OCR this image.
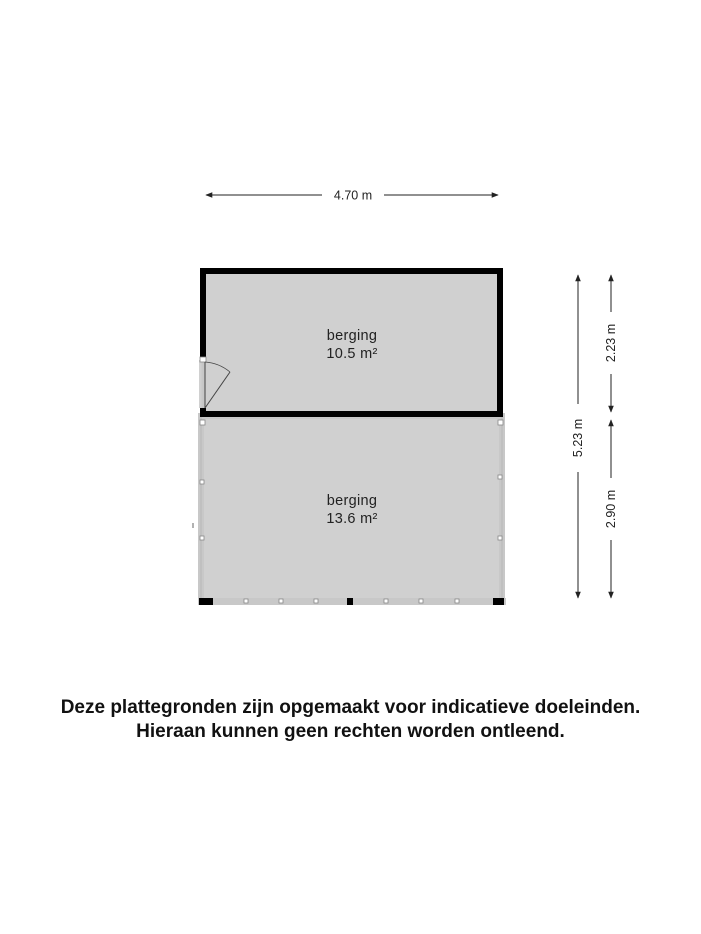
4.70 m
berging
10.5 m²
berging
13.6 m²
5.23 m
2.23 m
2.90 m
Deze plattegronden zijn opgemaakt voor indicatieve doeleinden.
Hieraan kunnen geen rechten worden ontleend.
